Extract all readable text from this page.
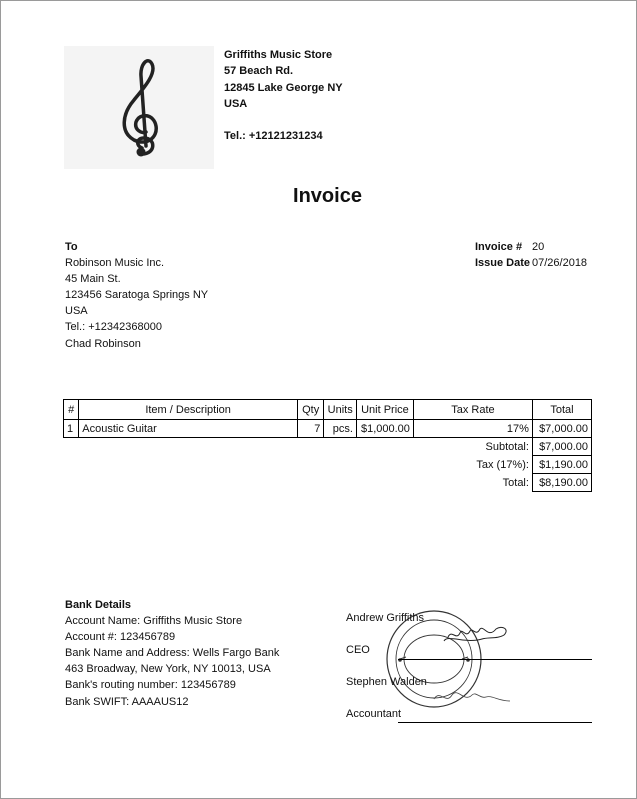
Griffiths Music Store
57 Beach Rd.
12845 Lake George NY
USA
Tel.: +12121231234
Invoice
To
Robinson Music Inc.
45 Main St.
123456 Saratoga Springs NY
USA
Tel.: +12342368000
Chad Robinson
Invoice # 20
Issue Date 07/26/2018
#	Item / Description	Qty	Units	Unit Price	Tax Rate	Total
1	Acoustic Guitar	7	pcs.	$1,000.00	17%	$7,000.00
Subtotal:						$7,000.00
Tax (17%):						$1,190.00
Total:						$8,190.00
Bank Details
Account Name: Griffiths Music Store
Account #: 123456789
Bank Name and Address: Wells Fargo Bank
463 Broadway, New York, NY 10013, USA
Bank's routing number: 123456789
Bank SWIFT: AAAAUS12
Andrew Griffiths
CEO
Stephen Walden
Accountant
